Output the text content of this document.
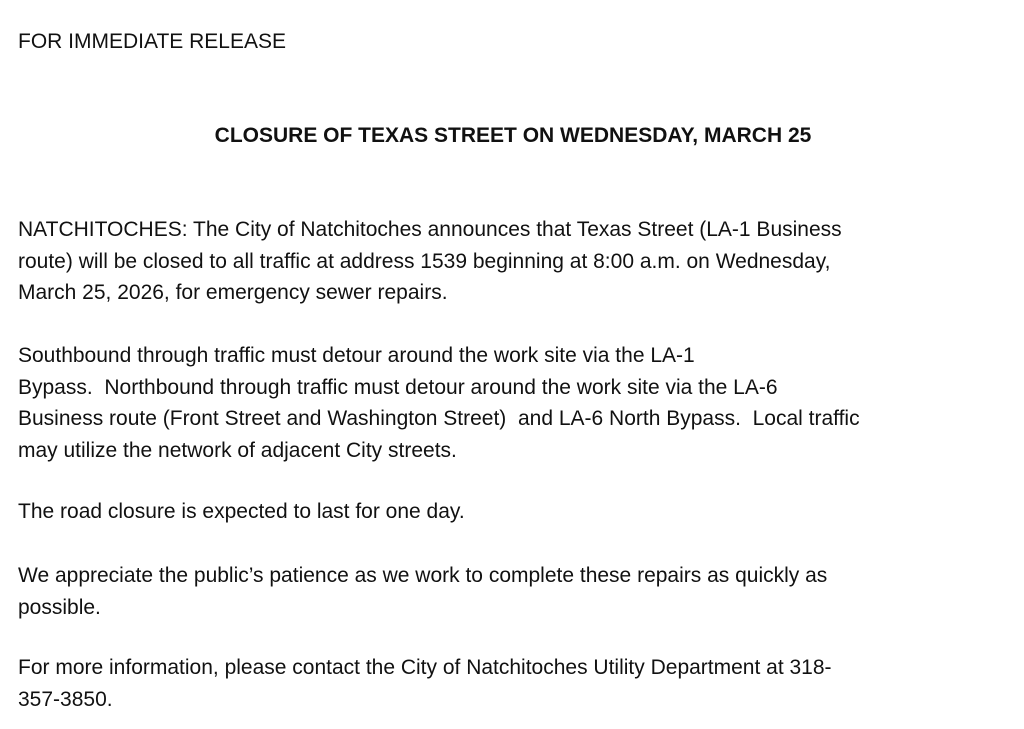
FOR IMMEDIATE RELEASE
CLOSURE OF TEXAS STREET ON WEDNESDAY, MARCH 25
NATCHITOCHES: The City of Natchitoches announces that Texas Street (LA-1 Business
route) will be closed to all traffic at address 1539 beginning at 8:00 a.m. on Wednesday,
March 25, 2026, for emergency sewer repairs.
Southbound through traffic must detour around the work site via the LA-1
Bypass.  Northbound through traffic must detour around the work site via the LA-6
Business route (Front Street and Washington Street)  and LA-6 North Bypass.  Local traffic
may utilize the network of adjacent City streets.
The road closure is expected to last for one day.
We appreciate the public’s patience as we work to complete these repairs as quickly as
possible.
For more information, please contact the City of Natchitoches Utility Department at 318-
357-3850.
